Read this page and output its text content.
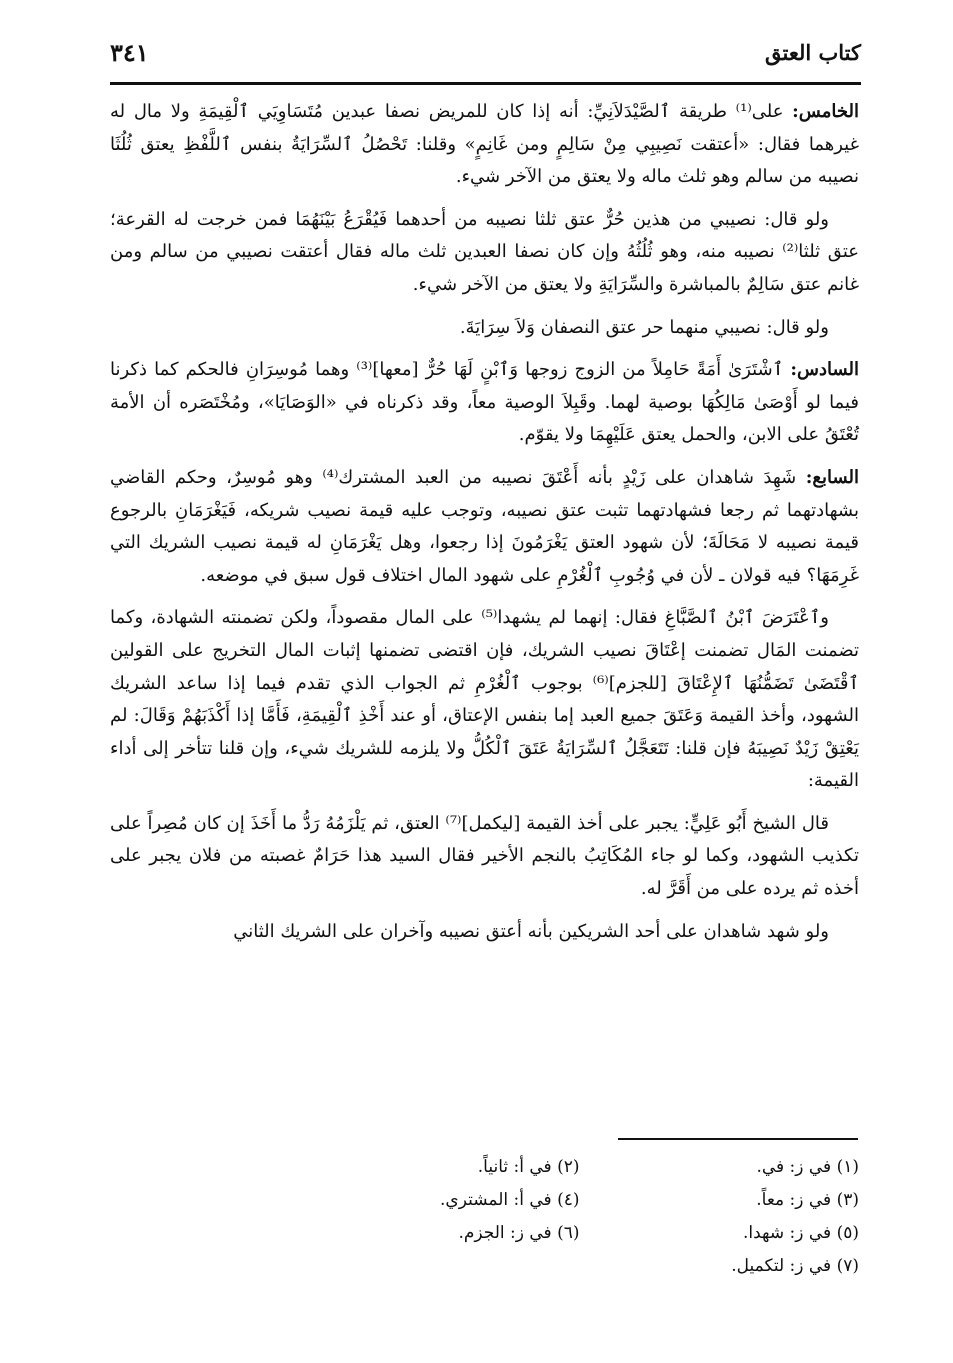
كتاب العتق
٣٤١

الخامس: على⁽¹⁾ طريقة ٱلصَّيْدَلاَنِيِّ: أنه إذا كان للمريض نصفا عبدين مُتَسَاوِيَي ٱلْقِيمَةِ ولا مال له غيرهما فقال: «أعتقت نَصِيبِي مِنْ سَالِمٍ ومن غَانِمٍ» وقلنا: تَحْصُلُ ٱلسِّرَايَةُ بنفس ٱللَّفْظِ يعتق ثُلُثَا نصيبه من سالم وهو ثلث ماله ولا يعتق من الآخر شيء.

ولو قال: نصيبي من هذين حُرٌّ عتق ثلثا نصيبه من أحدهما فَيُقْرَعُ بَيْنَهُمَا فمن خرجت له القرعة؛ عتق ثلثا⁽²⁾ نصيبه منه، وهو ثُلُثُهُ وإن كان نصفا العبدين ثلث ماله فقال أعتقت نصيبي من سالم ومن غانم عتق سَالِمٌ بالمباشرة والسِّرَايَةِ ولا يعتق من الآخر شيء.

ولو قال: نصيبي منهما حر عتق النصفان وَلاَ سِرَايَةَ.

السادس: ٱشْتَرَىٰ أَمَةً حَامِلاً من الزوج زوجها وَٱبْنٍ لَهَا حُرٌّ [معها]⁽³⁾ وهما مُوسِرَانِ فالحكم كما ذكرنا فيما لو أَوْصَىٰ مَالِكُهَا بوصية لهما. وقَبِلاَ الوصية معاً، وقد ذكرناه في «الوَصَايَا»، ومُخْتَصَره أن الأمة تُعْتَقُ على الابن، والحمل يعتق عَلَيْهِمَا ولا يقوّم.

السابع: شَهِدَ شاهدان على زَيْدٍ بأنه أَعْتَقَ نصيبه من العبد المشترك⁽⁴⁾ وهو مُوسِرٌ، وحكم القاضي بشهادتهما ثم رجعا فشهادتهما تثبت عتق نصيبه، وتوجب عليه قيمة نصيب شريكه، فَيَغْرَمَانِ بالرجوع قيمة نصيبه لا مَحَالَةَ؛ لأن شهود العتق يَغْرَمُونَ إذا رجعوا، وهل يَغْرَمَانِ له قيمة نصيب الشريك التي غَرِمَهَا؟ فيه قولان ـ لأن في وُجُوبِ ٱلْغُرْمِ على شهود المال اختلاف قول سبق في موضعه.

وٱعْتَرَضَ ٱبْنُ ٱلصَّبَّاغِ فقال: إنهما لم يشهدا⁽⁵⁾ على المال مقصوداً، ولكن تضمنته الشهادة، وكما تضمنت المَال تضمنت إعْتَاقَ نصيب الشريك، فإن اقتضى تضمنها إثبات المال التخريج على القولين ٱقْتَضَىٰ تَضَمُّنُهَا ٱلإِعْتَاقَ [للجزم]⁽⁶⁾ بوجوب ٱلْغُرْمِ ثم الجواب الذي تقدم فيما إذا ساعد الشريك الشهود، وأخذ القيمة وَعَتَقَ جميع العبد إما بنفس الإعتاق، أو عند أَخْذِ ٱلْقِيمَةِ، فَأَمَّا إذا أَكْذَبَهُمْ وَقَالَ: لم يَعْتِقْ زَيْدٌ نَصِيبَهُ فإن قلنا: تَتَعَجَّلُ ٱلسِّرَايَةُ عَتَقَ ٱلْكُلُّ ولا يلزمه للشريك شيء، وإن قلنا تتأخر إلى أداء القيمة:

قال الشيخ أَبُو عَلِيٍّ: يجبر على أخذ القيمة [ليكمل]⁽⁷⁾ العتق، ثم يَلْزَمُهُ رَدُّ ما أَخَذَ إن كان مُصِراً على تكذيب الشهود، وكما لو جاء المُكَاتِبُ بالنجم الأخير فقال السيد هذا حَرَامٌ غصبته من فلان يجبر على أخذه ثم يرده على من أَقَرَّ له.

ولو شهد شاهدان على أحد الشريكين بأنه أعتق نصيبه وآخران على الشريك الثاني

(١) في ز: في.
(٢) في أ: ثانياً.
(٣) في ز: معاً.
(٤) في أ: المشتري.
(٥) في ز: شهدا.
(٦) في ز: الجزم.
(٧) في ز: لتكميل.
